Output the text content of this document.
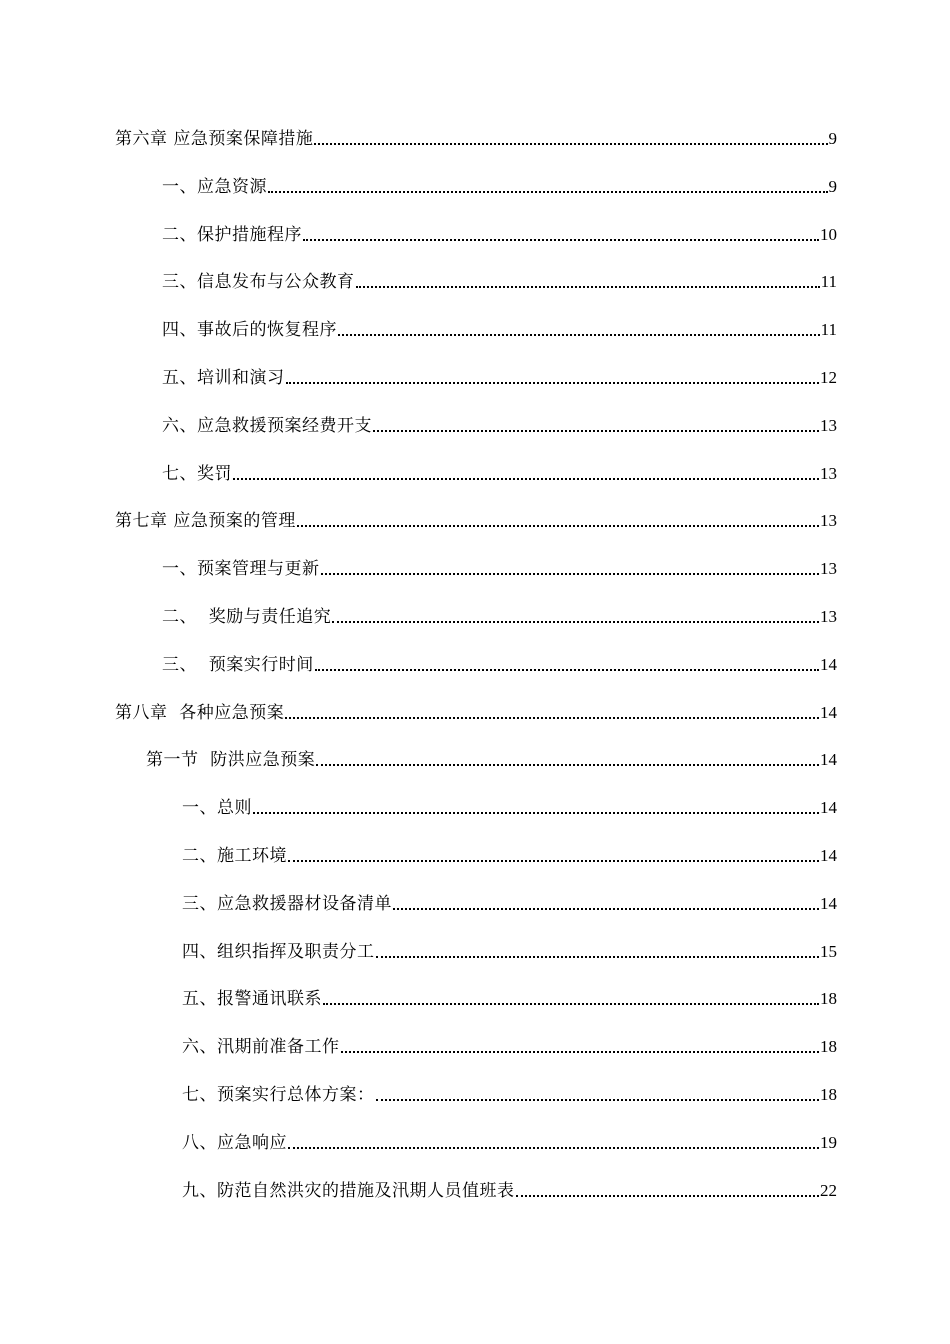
第六章 应急预案保障措施	9
一、应急资源	9
二、保护措施程序	10
三、信息发布与公众教育	11
四、事故后的恢复程序	11
五、培训和演习	12
六、应急救援预案经费开支	13
七、奖罚	13
第七章 应急预案的管理	13
一、预案管理与更新	13
二、  奖励与责任追究	13
三、  预案实行时间	14
第八章  各种应急预案	14
第一节  防洪应急预案	14
一、总则	14
二、施工环境	14
三、应急救援器材设备清单	14
四、组织指挥及职责分工	15
五、报警通讯联系	18
六、汛期前准备工作	18
七、预案实行总体方案：	18
八、应急响应	19
九、防范自然洪灾的措施及汛期人员值班表	22
